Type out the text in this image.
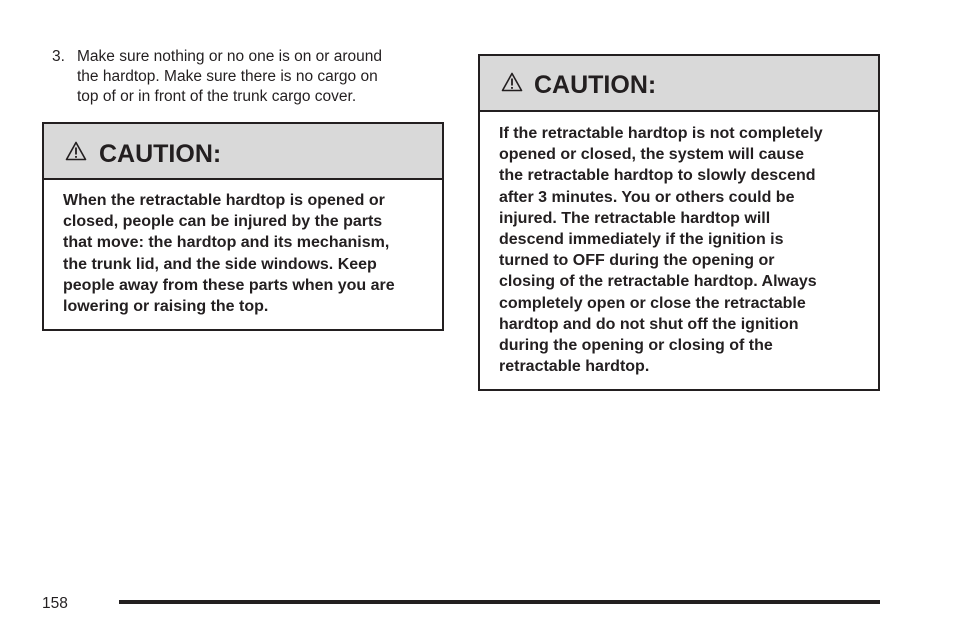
3. Make sure nothing or no one is on or around
the hardtop. Make sure there is no cargo on
top of or in front of the trunk cargo cover.
CAUTION:
When the retractable hardtop is opened or
closed, people can be injured by the parts
that move: the hardtop and its mechanism,
the trunk lid, and the side windows. Keep
people away from these parts when you are
lowering or raising the top.
CAUTION:
If the retractable hardtop is not completely
opened or closed, the system will cause
the retractable hardtop to slowly descend
after 3 minutes. You or others could be
injured. The retractable hardtop will
descend immediately if the ignition is
turned to OFF during the opening or
closing of the retractable hardtop. Always
completely open or close the retractable
hardtop and do not shut off the ignition
during the opening or closing of the
retractable hardtop.
158
